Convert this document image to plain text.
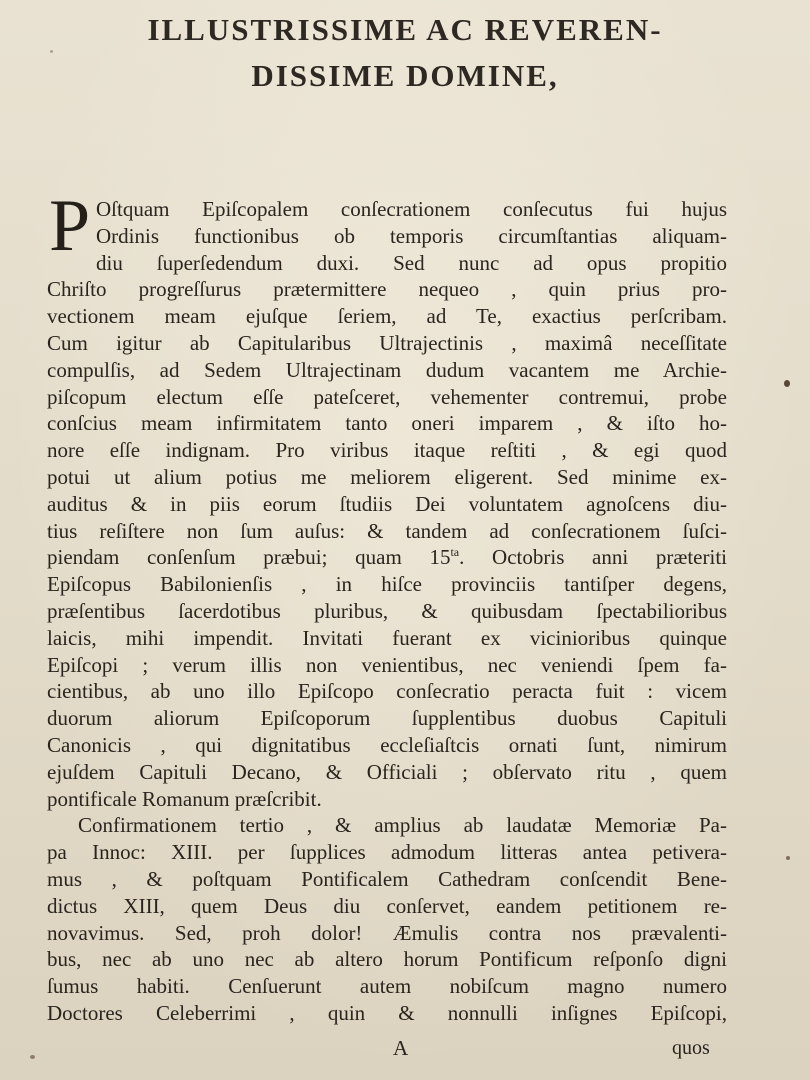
ILLUSTRISSIME AC REVEREN-
DISSIME DOMINE,
P Oſtquam Epiſcopalem conſecrationem conſecutus fui hujus
Ordinis functionibus ob temporis circumſtantias aliquam-
diu ſuperſedendum duxi. Sed nunc ad opus propitio
Chriſto progreſſurus prætermittere nequeo , quin prius pro-
vectionem meam ejuſque ſeriem, ad Te, exactius perſcribam.
Cum igitur ab Capitularibus Ultrajectinis , maximâ neceſſitate
compulſis, ad Sedem Ultrajectinam dudum vacantem me Archie-
piſcopum electum eſſe pateſceret, vehementer contremui, probe
conſcius meam infirmitatem tanto oneri imparem , & iſto ho-
nore eſſe indignam. Pro viribus itaque reſtiti , & egi quod
potui ut alium potius me meliorem eligerent. Sed minime ex-
auditus & in piis eorum ſtudiis Dei voluntatem agnoſcens diu-
tius reſiſtere non ſum auſus: & tandem ad conſecrationem ſuſci-
piendam conſenſum præbui; quam $15^{ta}$. Octobris anni præteriti
Epiſcopus Babilonienſis , in hiſce provinciis tantiſper degens,
præſentibus ſacerdotibus pluribus, & quibusdam ſpectabilioribus
laicis, mihi impendit. Invitati fuerant ex vicinioribus quinque
Epiſcopi ; verum illis non venientibus, nec veniendi ſpem fa-
cientibus, ab uno illo Epiſcopo conſecratio peracta fuit : vicem
duorum aliorum Epiſcoporum ſupplentibus duobus Capituli
Canonicis , qui dignitatibus eccleſiaſtcis ornati ſunt, nimirum
ejuſdem Capituli Decano, & Officiali ; obſervato ritu , quem
pontificale Romanum præſcribit.
Confirmationem tertio , & amplius ab laudatæ Memoriæ Pa-
pa Innoc: XIII. per ſupplices admodum litteras antea petivera-
mus , & poſtquam Pontificalem Cathedram conſcendit Bene-
dictus XIII, quem Deus diu conſervet, eandem petitionem re-
novavimus. Sed, proh dolor! Æmulis contra nos prævalenti-
bus, nec ab uno nec ab altero horum Pontificum reſponſo digni
ſumus habiti. Cenſuerunt autem nobiſcum magno numero
Doctores Celeberrimi , quin & nonnulli inſignes Epiſcopi,
A	quos
